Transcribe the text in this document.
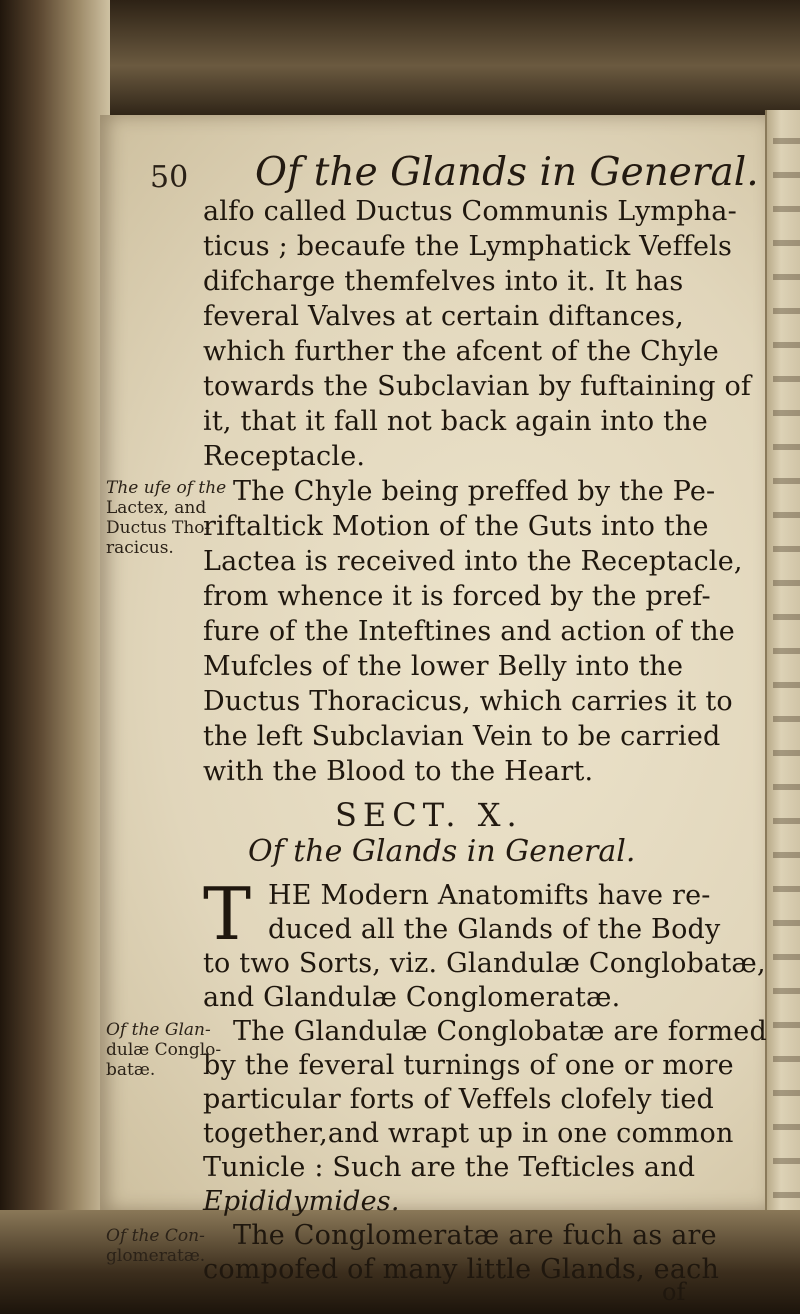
50 Of the Glands in General.
alfo called Ductus Communis Lympha-
ticus ; becaufe the Lymphatick Veffels
difcharge themfelves into it. It has
feveral Valves at certain diftances,
which further the afcent of the Chyle
towards the Subclavian by fuftaining of
it, that it fall not back again into the
Receptacle.
The Chyle being preffed by the Pe-
riftaltick Motion of the Guts into the
Lactea is received into the Receptacle,
from whence it is forced by the pref-
fure of the Inteftines and action of the
Mufcles of the lower Belly into the
Ductus Thoracicus, which carries it to
the left Subclavian Vein to be carried
with the Blood to the Heart.
The ufe of the
Lactex, and
Ductus Tho-
racicus.
SECT. X.
Of the Glands in General.
T HE Modern Anatomifts have re-
duced all the Glands of the Body
to two Sorts, viz. Glandulæ Conglobatæ,
and Glandulæ Conglomeratæ.
The Glandulæ Conglobatæ are formed
by the feveral turnings of one or more
particular forts of Veffels clofely tied
together,and wrapt up in one common
Tunicle : Such are the Tefticles and
Epididymides.
Of the Glan-
dulæ Conglo-
batæ.
The Conglomeratæ are fuch as are
Of the Con-
glomeratæ.
compofed of many little Glands, each
of
